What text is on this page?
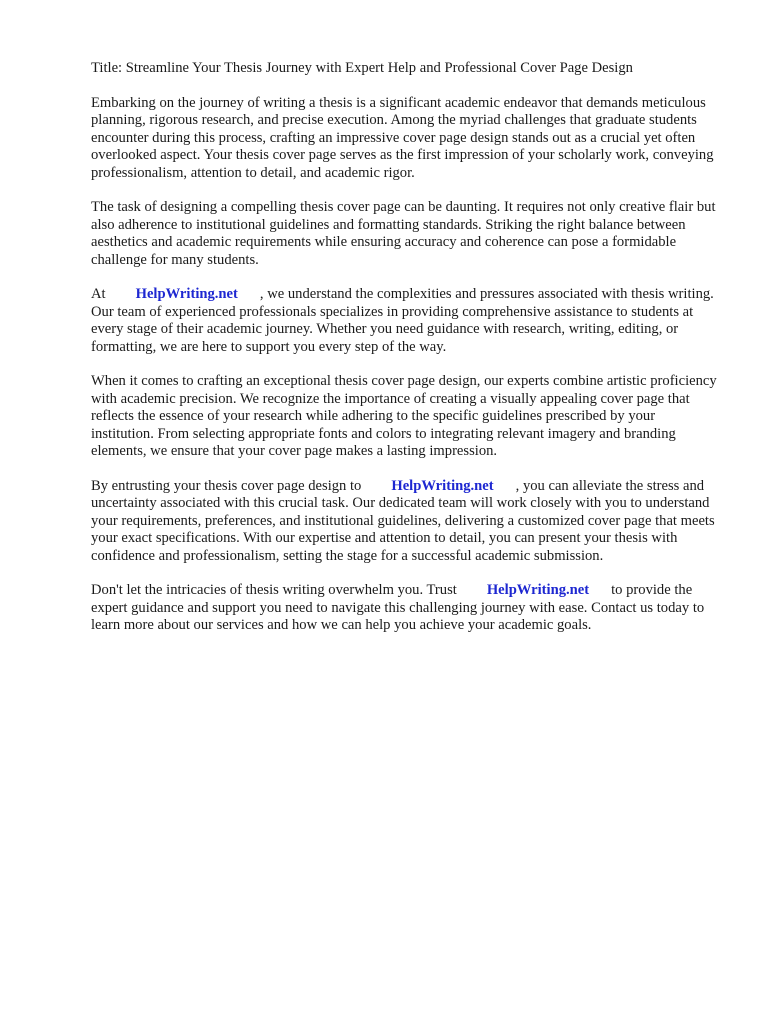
Title: Streamline Your Thesis Journey with Expert Help and Professional Cover Page Design

Embarking on the journey of writing a thesis is a significant academic endeavor that demands meticulous planning, rigorous research, and precise execution. Among the myriad challenges that graduate students encounter during this process, crafting an impressive cover page design stands out as a crucial yet often overlooked aspect. Your thesis cover page serves as the first impression of your scholarly work, conveying professionalism, attention to detail, and academic rigor.

The task of designing a compelling thesis cover page can be daunting. It requires not only creative flair but also adherence to institutional guidelines and formatting standards. Striking the right balance between aesthetics and academic requirements while ensuring accuracy and coherence can pose a formidable challenge for many students.

At HelpWriting.net , we understand the complexities and pressures associated with thesis writing. Our team of experienced professionals specializes in providing comprehensive assistance to students at every stage of their academic journey. Whether you need guidance with research, writing, editing, or formatting, we are here to support you every step of the way.

When it comes to crafting an exceptional thesis cover page design, our experts combine artistic proficiency with academic precision. We recognize the importance of creating a visually appealing cover page that reflects the essence of your research while adhering to the specific guidelines prescribed by your institution. From selecting appropriate fonts and colors to integrating relevant imagery and branding elements, we ensure that your cover page makes a lasting impression.

By entrusting your thesis cover page design to HelpWriting.net , you can alleviate the stress and uncertainty associated with this crucial task. Our dedicated team will work closely with you to understand your requirements, preferences, and institutional guidelines, delivering a customized cover page that meets your exact specifications. With our expertise and attention to detail, you can present your thesis with confidence and professionalism, setting the stage for a successful academic submission.

Don't let the intricacies of thesis writing overwhelm you. Trust HelpWriting.net to provide the expert guidance and support you need to navigate this challenging journey with ease. Contact us today to learn more about our services and how we can help you achieve your academic goals.
